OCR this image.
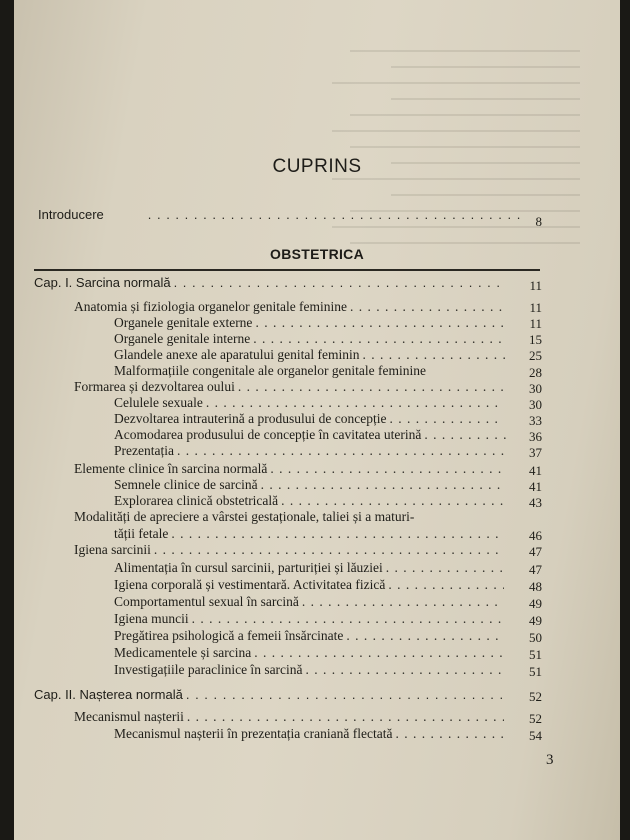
CUPRINS
Introducere . . .	8
OBSTETRICA
Cap. I. Sarcina normală . . .	11
Anatomia și fiziologia organelor genitale feminine . . .	11
Organele genitale externe . . .	11
Organele genitale interne . . .	15
Glandele anexe ale aparatului genital feminin . . .	25
Malformațiile congenitale ale organelor genitale feminine	28
Formarea și dezvoltarea oului . . .	30
Celulele sexuale . . .	30
Dezvoltarea intrauterină a produsului de concepție . . .	33
Acomodarea produsului de concepție în cavitatea uterină . . .	36
Prezentația . . .	37
Elemente clinice în sarcina normală . . .	41
Semnele clinice de sarcină . . .	41
Explorarea clinică obstetricală . . .	43
Modalități de apreciere a vârstei gestaționale, taliei și a maturi-
tății fetale . . .	46
Igiena sarcinii . . .	47
Alimentația în cursul sarcinii, parturiției și lăuziei . . .	47
Igiena corporală și vestimentară. Activitatea fizică . . .	48
Comportamentul sexual în sarcină . . .	49
Igiena muncii . . .	49
Pregătirea psihologică a femeii însărcinate . . .	50
Medicamentele și sarcina . . .	51
Investigațiile paraclinice în sarcină . . .	51
Cap. II. Nașterea normală . . .	52
Mecanismul nașterii . . .	52
Mecanismul nașterii în prezentația craniană flectată . . .	54
3
